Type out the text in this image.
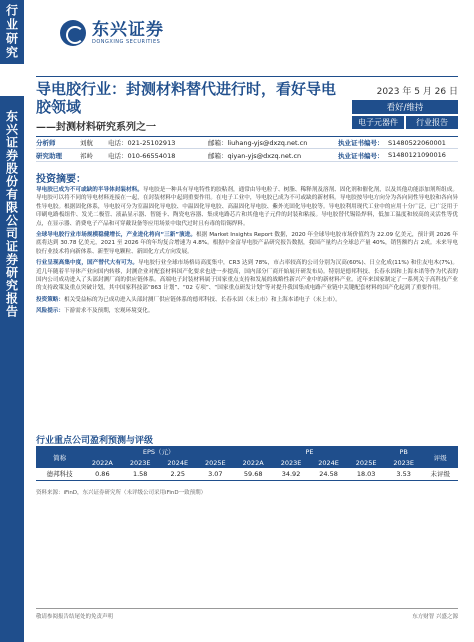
行业研究
东兴证券股份有限公司证券研究报告
东兴证券
DONGXING SECURITIES
导电胶行业：封测材料替代进行时，看好导电胶领域
——封测材料研究系列之一
2023 年 5 月 26 日
看好/维持
电子元器件	行业报告
分析师	刘航	电话：021-25102913	邮箱：liuhang-yjs@dxzq.net.cn	执业证书编号： S1480522060001
研究助理	祁岭	电话：010-66554018	邮箱：qiyan-yjs@dxzq.net.cn	执业证书编号： S1480121090016
投资摘要：

导电胶已成为不可或缺的半导体封装材料。导电胶是一种具有导电特性的胶粘剂，通常由导电粒子、树脂、稀释剂及溶剂、固化剂和催化剂，以及其他功能添加剂所组成。导电胶可以将不同的导电材料连接在一起，在封装材料中起到重要作用。在电子工业中，导电胶已成为不可或缺的新材料。导电胶按导电方向分为各向同性导电胶和各向异性导电胶。根据固化体系，导电胶可分为室温固化导电胶、中温固化导电胶、高温固化导电胶、紫外光固化导电胶等。导电胶利用现代工业中的应用十分广泛，已广泛用于印刷电路板组件、发光二极管、液晶显示器、智能卡、陶瓷电容器、集成电路芯片和其他电子元件的封装和粘接。导电胶替代锡铅焊料，低加工温度和较高的灵活性等优点，在显示器、消费电子产品和可穿戴设备等应用场景中取代过时且有毒的铅锡焊料。

全球导电胶行业市场规模稳健增长，产业进化将向“三新”演进。根据 Market Insights Report 数据，2020 年全球导电胶市场价值约为 22.09 亿美元，预计到 2026 年底将达到 30.78 亿美元，2021 至 2026 年的年均复合增速为 4.8%。根据中金富导电胶产品研究报告数据，我国产量约占全球总产量 40%，销售额约占 2成。未来导电胶行业技术将向新体系、新型导电颗粒、新固化方式方向发展。

行业呈现高集中度，国产替代大有可为。导电胶行业全球市场格局高度集中，CR3 达到 78%，市占率较高的公司分别为汉高(60%)、日立化成(11%) 和住友电木(7%)。近几年随着半导体产业向国内转移，封测企业对配套材料国产化要求也进一步提高，国内部分厂商开始展开研发布局。特别是德邦科技、长春永固和上海本诺等作为代表的国内公司成功进入了头部封测厂商的供应链体系。高端电子封装材料属于国家重点支持和发展的战略性新兴产业中的新材料产业。近年来国家制定了一系列关于高科技产业的支持政策及重点突破计划，其中国家科技部“863 计划”、“02 专项”、“国家重点研发计划”等对提升我国集成电路产业链中关键配套材料的国产化起到了重要作用。

投资策略：相关受益标的为已成功进入头部封测厂供应链体系的德邦科技、长春永固（未上市）和上海本诺电子（未上市）。

风险提示：下游需求不及预期，宏观环境变化。

行业重点公司盈利预测与评级
简称	EPS（元）				PE				PB	评级
	2022A	2023E	2024E	2025E	2022A	2023E	2024E	2025E	2023E	
德邦科技	0.86	1.58	2.25	3.07	59.68	34.92	24.58	18.03	3.53	未评级
资料来源：iFinD，东兴证券研究所（未评级公司采用iFinD一致预期）
敬请参阅报告结尾处的免责声明	东方财智 兴盛之源
